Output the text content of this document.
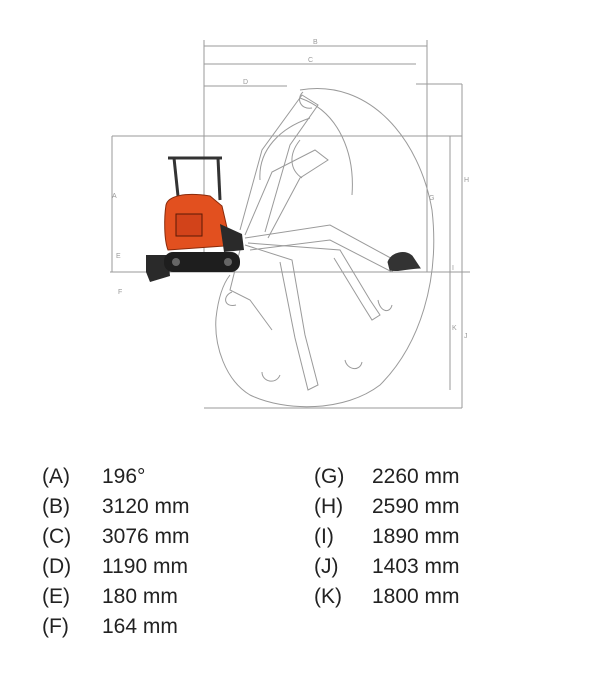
B
C
D
E
F
G
H
I
J
K
A
(A)	196°
(B)	3120 mm
(C)	3076 mm
(D)	1190 mm
(E)	180 mm
(F)	164 mm
(G)	2260 mm
(H)	2590 mm
(I)	1890 mm
(J)	1403 mm
(K)	1800 mm
